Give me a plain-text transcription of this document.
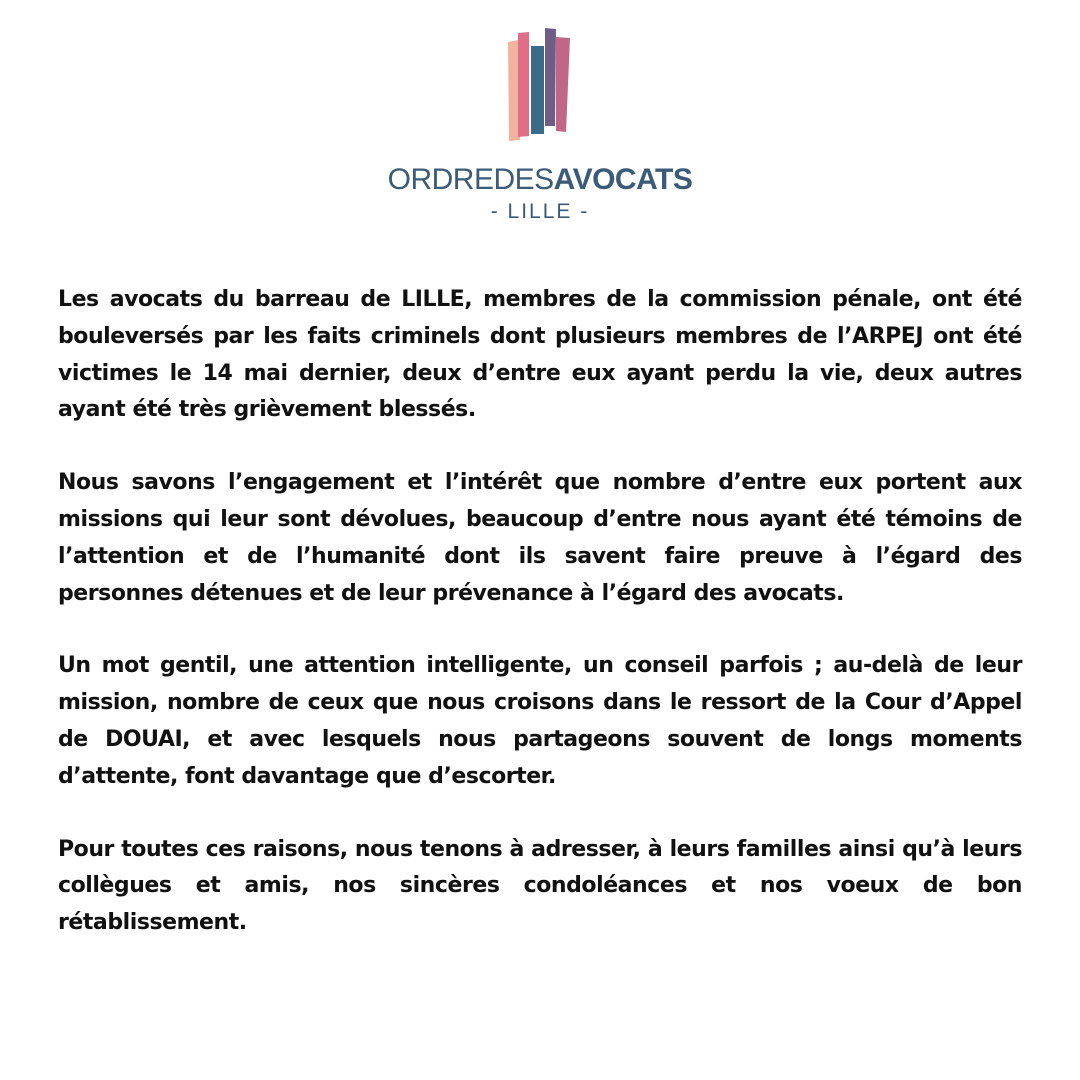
ORDREDESAVOCATS
- LILLE -

Les avocats du barreau de LILLE, membres de la commission pénale, ont été bouleversés par les faits criminels dont plusieurs membres de l’ARPEJ ont été victimes le 14 mai dernier, deux d’entre eux ayant perdu la vie, deux autres ayant été très grièvement blessés.

Nous savons l’engagement et l’intérêt que nombre d’entre eux portent aux missions qui leur sont dévolues, beaucoup d’entre nous ayant été témoins de l’attention et de l’humanité dont ils savent faire preuve à l’égard des personnes détenues et de leur prévenance à l’égard des avocats.

Un mot gentil, une attention intelligente, un conseil parfois ; au-delà de leur mission, nombre de ceux que nous croisons dans le ressort de la Cour d’Appel de DOUAI, et avec lesquels nous partageons souvent de longs moments d’attente, font davantage que d’escorter.

Pour toutes ces raisons, nous tenons à adresser, à leurs familles ainsi qu’à leurs collègues et amis, nos sincères condoléances et nos voeux de bon rétablissement.
